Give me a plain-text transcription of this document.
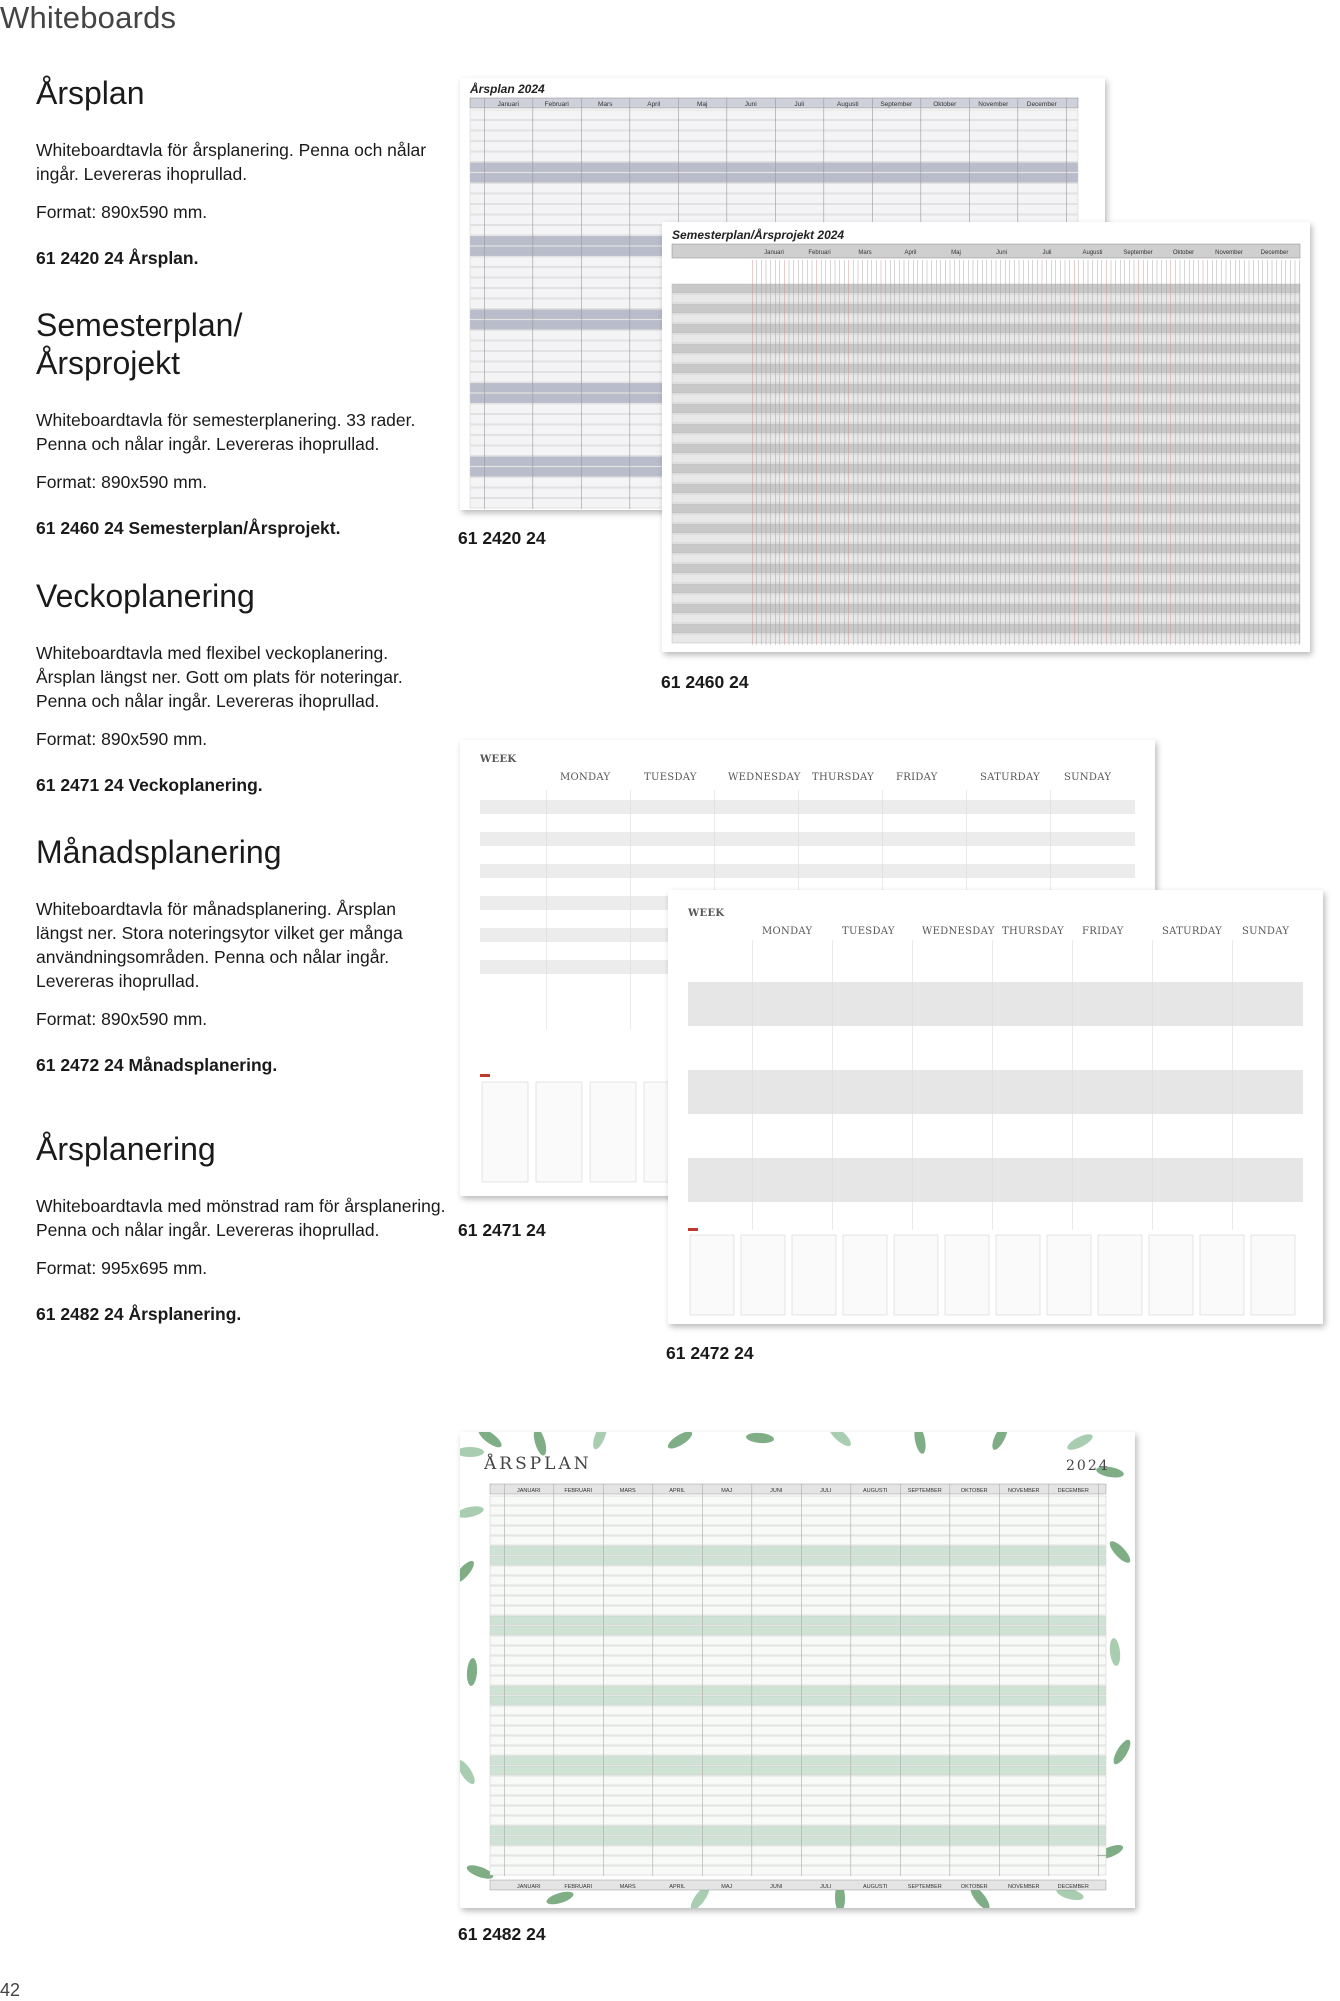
Whiteboards
Årsplan

Whiteboardtavla för årsplanering. Penna och nålar ingår. Levereras ihoprullad.

Format: 890x590 mm.

61 2420 24 Årsplan.
Semesterplan/ Årsprojekt

Whiteboardtavla för semesterplanering. 33 rader. Penna och nålar ingår. Levereras ihoprullad.

Format: 890x590 mm.

61 2460 24 Semesterplan/Årsprojekt.
Veckoplanering

Whiteboardtavla med flexibel veckoplanering. Årsplan längst ner. Gott om plats för noteringar. Penna och nålar ingår. Levereras ihoprullad.

Format: 890x590 mm.

61 2471 24 Veckoplanering.
Månadsplanering

Whiteboardtavla för månadsplanering. Årsplan längst ner. Stora noteringsytor vilket ger många användningsområden. Penna och nålar ingår. Levereras ihoprullad.

Format: 890x590 mm.

61 2472 24 Månadsplanering.
Årsplanering

Whiteboardtavla med mönstrad ram för årsplanering. Penna och nålar ingår. Levereras ihoprullad.

Format: 995x695 mm.

61 2482 24 Årsplanering.
Årsplan 2024
Januari	Februari	Mars	April	Maj	Juni	Juli	Augusti	September	Oktober	November	December
Semesterplan/Årsprojekt 2024
Januari	Februari	Mars	April	Maj	Juni	Juli	Augusti	September	Oktober	November	December
61 2420 24
61 2460 24
WEEK
MONDAY	TUESDAY	WEDNESDAY THURSDAY FRIDAY	SATURDAY SUNDAY
WEEK
MONDAY	TUESDAY	WEDNESDAY THURSDAY FRIDAY	SATURDAY SUNDAY
61 2471 24
61 2472 24
JANUARI	FEBRUARI	MARS	APRIL	MAJ	JUNI	JULI	AUGUSTI	SEPTEMBER	OKTOBER	NOVEMBER	DECEMBER
JANUARI	FEBRUARI	MARS	APRIL	MAJ	JUNI	JULI	AUGUSTI	SEPTEMBER	OKTOBER	NOVEMBER	DECEMBER
ÅRSPLAN	2024
61 2482 24
42
